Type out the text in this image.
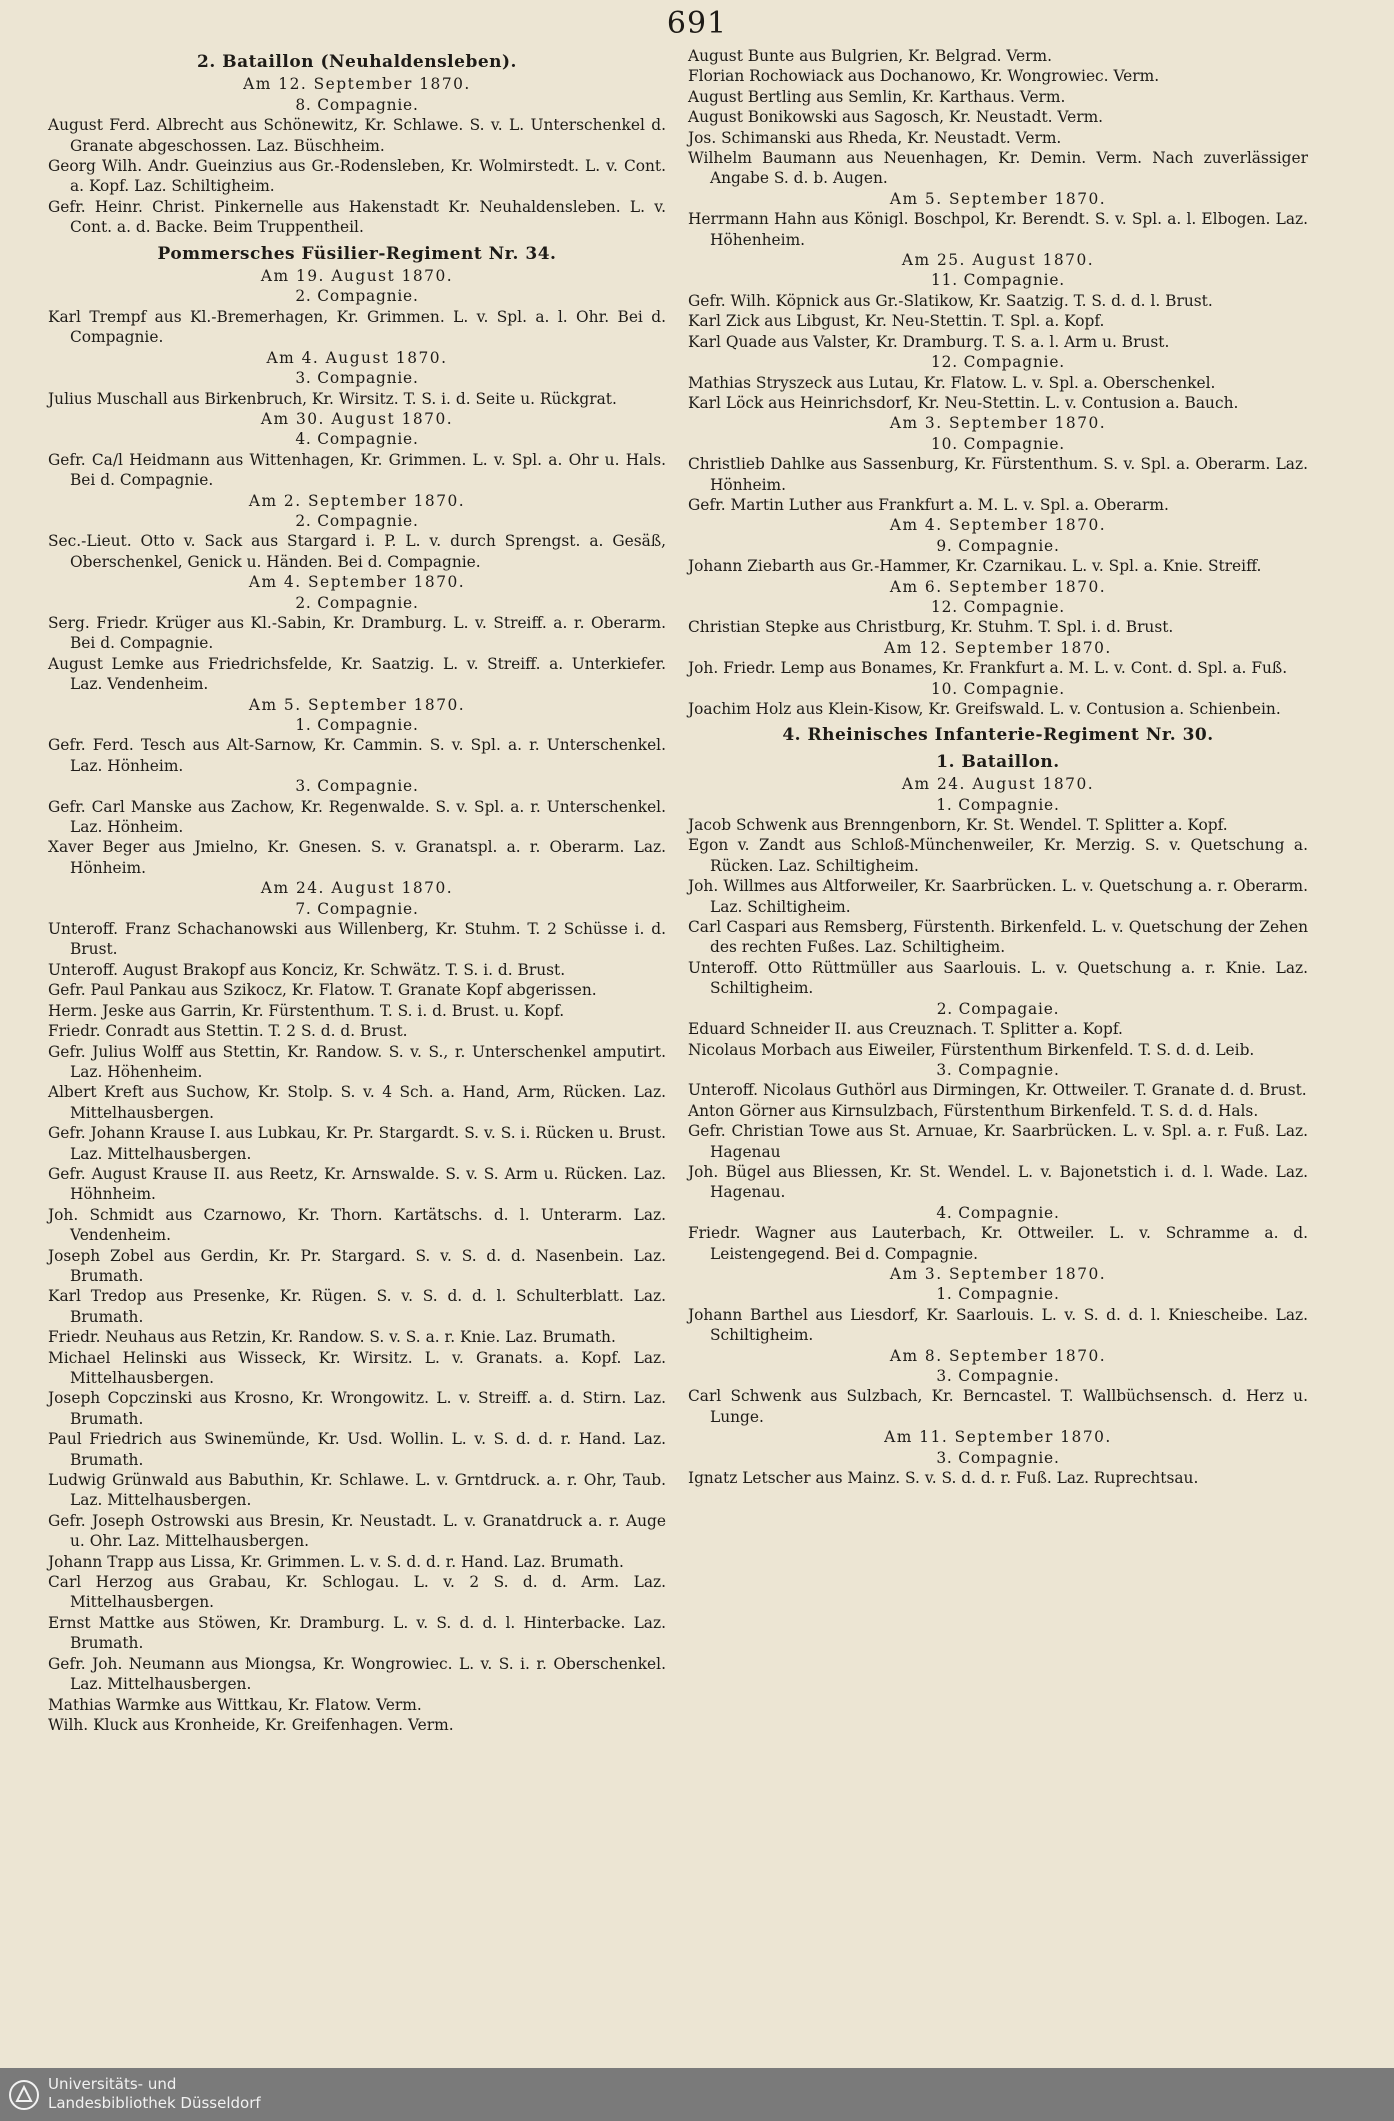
691

2. Bataillon (Neuhaldensleben).

Am 12. September 1870.

8. Compagnie.

August Ferd. Albrecht aus Schönewitz, Kr. Schlawe. S. v. L. Unterschenkel d. Granate abgeschossen. Laz. Büschheim.

Georg Wilh. Andr. Gueinzius aus Gr.-Rodensleben, Kr. Wolmirstedt. L. v. Cont. a. Kopf. Laz. Schiltigheim.

Gefr. Heinr. Christ. Pinkernelle aus Hakenstadt Kr. Neuhaldensleben. L. v. Cont. a. d. Backe. Beim Truppentheil.

Pommersches Füsilier-Regiment Nr. 34.

Am 19. August 1870.

2. Compagnie.

Karl Trempf aus Kl.-Bremerhagen, Kr. Grimmen. L. v. Spl. a. l. Ohr. Bei d. Compagnie.

Am 4. August 1870.

3. Compagnie.

Julius Muschall aus Birkenbruch, Kr. Wirsitz. T. S. i. d. Seite u. Rückgrat.

Am 30. August 1870.

4. Compagnie.

Gefr. Ca/l Heidmann aus Wittenhagen, Kr. Grimmen. L. v. Spl. a. Ohr u. Hals. Bei d. Compagnie.

Am 2. September 1870.

2. Compagnie.

Sec.-Lieut. Otto v. Sack aus Stargard i. P. L. v. durch Sprengst. a. Gesäß, Oberschenkel, Genick u. Händen. Bei d. Compagnie.

Am 4. September 1870.

2. Compagnie.

Serg. Friedr. Krüger aus Kl.-Sabin, Kr. Dramburg. L. v. Streiff. a. r. Oberarm. Bei d. Compagnie.

August Lemke aus Friedrichsfelde, Kr. Saatzig. L. v. Streiff. a. Unterkiefer. Laz. Vendenheim.

Am 5. September 1870.

1. Compagnie.

Gefr. Ferd. Tesch aus Alt-Sarnow, Kr. Cammin. S. v. Spl. a. r. Unterschenkel. Laz. Hönheim.

3. Compagnie.

Gefr. Carl Manske aus Zachow, Kr. Regenwalde. S. v. Spl. a. r. Unterschenkel. Laz. Hönheim.

Xaver Beger aus Jmielno, Kr. Gnesen. S. v. Granatspl. a. r. Oberarm. Laz. Hönheim.

Am 24. August 1870.

7. Compagnie.

Unteroff. Franz Schachanowski aus Willenberg, Kr. Stuhm. T. 2 Schüsse i. d. Brust.

Unteroff. August Brakopf aus Konciz, Kr. Schwätz. T. S. i. d. Brust.

Gefr. Paul Pankau aus Szikocz, Kr. Flatow. T. Granate Kopf abgerissen.

Herm. Jeske aus Garrin, Kr. Fürstenthum. T. S. i. d. Brust. u. Kopf.

Friedr. Conradt aus Stettin. T. 2 S. d. d. Brust.

Gefr. Julius Wolff aus Stettin, Kr. Randow. S. v. S., r. Unterschenkel amputirt. Laz. Höhenheim.

Albert Kreft aus Suchow, Kr. Stolp. S. v. 4 Sch. a. Hand, Arm, Rücken. Laz. Mittelhausbergen.

Gefr. Johann Krause I. aus Lubkau, Kr. Pr. Stargardt. S. v. S. i. Rücken u. Brust. Laz. Mittelhausbergen.

Gefr. August Krause II. aus Reetz, Kr. Arnswalde. S. v. S. Arm u. Rücken. Laz. Höhnheim.

Joh. Schmidt aus Czarnowo, Kr. Thorn. Kartätschs. d. l. Unterarm. Laz. Vendenheim.

Joseph Zobel aus Gerdin, Kr. Pr. Stargard. S. v. S. d. d. Nasenbein. Laz. Brumath.

Karl Tredop aus Presenke, Kr. Rügen. S. v. S. d. d. l. Schulterblatt. Laz. Brumath.

Friedr. Neuhaus aus Retzin, Kr. Randow. S. v. S. a. r. Knie. Laz. Brumath.

Michael Helinski aus Wisseck, Kr. Wirsitz. L. v. Granats. a. Kopf. Laz. Mittelhausbergen.

Joseph Copczinski aus Krosno, Kr. Wrongowitz. L. v. Streiff. a. d. Stirn. Laz. Brumath.

Paul Friedrich aus Swinemünde, Kr. Usd. Wollin. L. v. S. d. d. r. Hand. Laz. Brumath.

Ludwig Grünwald aus Babuthin, Kr. Schlawe. L. v. Grntdruck. a. r. Ohr, Taub. Laz. Mittelhausbergen.

Gefr. Joseph Ostrowski aus Bresin, Kr. Neustadt. L. v. Granatdruck a. r. Auge u. Ohr. Laz. Mittelhausbergen.

Johann Trapp aus Lissa, Kr. Grimmen. L. v. S. d. d. r. Hand. Laz. Brumath.

Carl Herzog aus Grabau, Kr. Schlogau. L. v. 2 S. d. d. Arm. Laz. Mittelhausbergen.

Ernst Mattke aus Stöwen, Kr. Dramburg. L. v. S. d. d. l. Hinterbacke. Laz. Brumath.

Gefr. Joh. Neumann aus Miongsa, Kr. Wongrowiec. L. v. S. i. r. Oberschenkel. Laz. Mittelhausbergen.

Mathias Warmke aus Wittkau, Kr. Flatow. Verm.

Wilh. Kluck aus Kronheide, Kr. Greifenhagen. Verm.

August Bunte aus Bulgrien, Kr. Belgrad. Verm.

Florian Rochowiack aus Dochanowo, Kr. Wongrowiec. Verm.

August Bertling aus Semlin, Kr. Karthaus. Verm.

August Bonikowski aus Sagosch, Kr. Neustadt. Verm.

Jos. Schimanski aus Rheda, Kr. Neustadt. Verm.

Wilhelm Baumann aus Neuenhagen, Kr. Demin. Verm. Nach zuverlässiger Angabe S. d. b. Augen.

Am 5. September 1870.

Herrmann Hahn aus Königl. Boschpol, Kr. Berendt. S. v. Spl. a. l. Elbogen. Laz. Höhenheim.

Am 25. August 1870.

11. Compagnie.

Gefr. Wilh. Köpnick aus Gr.-Slatikow, Kr. Saatzig. T. S. d. d. l. Brust.

Karl Zick aus Libgust, Kr. Neu-Stettin. T. Spl. a. Kopf.

Karl Quade aus Valster, Kr. Dramburg. T. S. a. l. Arm u. Brust.

12. Compagnie.

Mathias Stryszeck aus Lutau, Kr. Flatow. L. v. Spl. a. Oberschenkel.

Karl Löck aus Heinrichsdorf, Kr. Neu-Stettin. L. v. Contusion a. Bauch.

Am 3. September 1870.

10. Compagnie.

Christlieb Dahlke aus Sassenburg, Kr. Fürstenthum. S. v. Spl. a. Oberarm. Laz. Hönheim.

Gefr. Martin Luther aus Frankfurt a. M. L. v. Spl. a. Oberarm.

Am 4. September 1870.

9. Compagnie.

Johann Ziebarth aus Gr.-Hammer, Kr. Czarnikau. L. v. Spl. a. Knie. Streiff.

Am 6. September 1870.

12. Compagnie.

Christian Stepke aus Christburg, Kr. Stuhm. T. Spl. i. d. Brust.

Am 12. September 1870.

Joh. Friedr. Lemp aus Bonames, Kr. Frankfurt a. M. L. v. Cont. d. Spl. a. Fuß.

10. Compagnie.

Joachim Holz aus Klein-Kisow, Kr. Greifswald. L. v. Contusion a. Schienbein.

4. Rheinisches Infanterie-Regiment Nr. 30.

1. Bataillon.

Am 24. August 1870.

1. Compagnie.

Jacob Schwenk aus Brenngenborn, Kr. St. Wendel. T. Splitter a. Kopf.

Egon v. Zandt aus Schloß-Münchenweiler, Kr. Merzig. S. v. Quetschung a. Rücken. Laz. Schiltigheim.

Joh. Willmes aus Altforweiler, Kr. Saarbrücken. L. v. Quetschung a. r. Oberarm. Laz. Schiltigheim.

Carl Caspari aus Remsberg, Fürstenth. Birkenfeld. L. v. Quetschung der Zehen des rechten Fußes. Laz. Schiltigheim.

Unteroff. Otto Rüttmüller aus Saarlouis. L. v. Quetschung a. r. Knie. Laz. Schiltigheim.

2. Compagaie.

Eduard Schneider II. aus Creuznach. T. Splitter a. Kopf.

Nicolaus Morbach aus Eiweiler, Fürstenthum Birkenfeld. T. S. d. d. Leib.

3. Compagnie.

Unteroff. Nicolaus Guthörl aus Dirmingen, Kr. Ottweiler. T. Granate d. d. Brust.

Anton Görner aus Kirnsulzbach, Fürstenthum Birkenfeld. T. S. d. d. Hals.

Gefr. Christian Towe aus St. Arnuae, Kr. Saarbrücken. L. v. Spl. a. r. Fuß. Laz. Hagenau

Joh. Bügel aus Bliessen, Kr. St. Wendel. L. v. Bajonetstich i. d. l. Wade. Laz. Hagenau.

4. Compagnie.

Friedr. Wagner aus Lauterbach, Kr. Ottweiler. L. v. Schramme a. d. Leistengegend. Bei d. Compagnie.

Am 3. September 1870.

1. Compagnie.

Johann Barthel aus Liesdorf, Kr. Saarlouis. L. v. S. d. d. l. Kniescheibe. Laz. Schiltigheim.

Am 8. September 1870.

3. Compagnie.

Carl Schwenk aus Sulzbach, Kr. Berncastel. T. Wallbüchsensch. d. Herz u. Lunge.

Am 11. September 1870.

3. Compagnie.

Ignatz Letscher aus Mainz. S. v. S. d. d. r. Fuß. Laz. Ruprechtsau.

Universitäts- und
Landesbibliothek Düsseldorf
